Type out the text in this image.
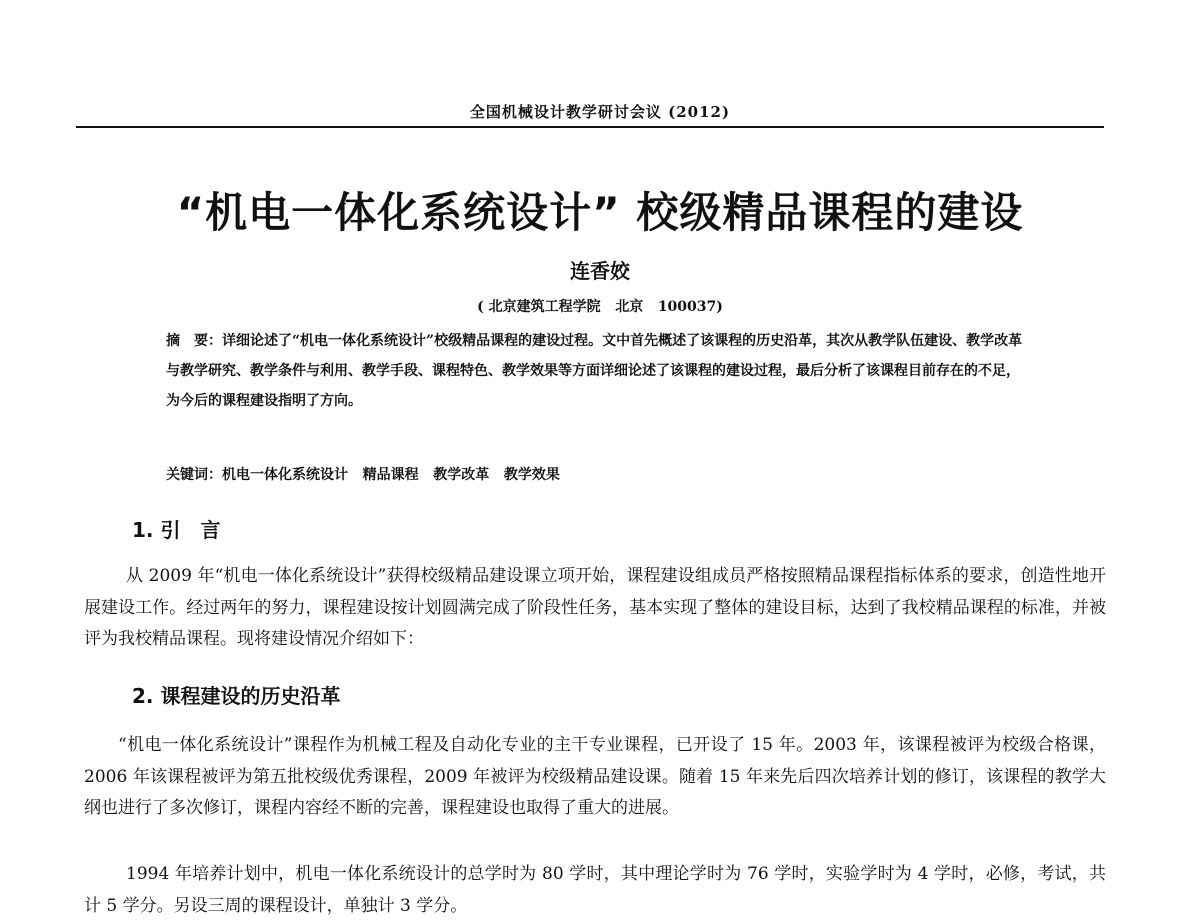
全国机械设计教学研讨会议 (2012)
“机电一体化系统设计” 校级精品课程的建设
连香姣
( 北京建筑工程学院   北京   100037)
摘　要：详细论述了“机电一体化系统设计”校级精品课程的建设过程。文中首先概述了该课程的历史沿革，其次从教学队伍建设、教学改革与教学研究、教学条件与利用、教学手段、课程特色、教学效果等方面详细论述了该课程的建设过程，最后分析了该课程目前存在的不足，为今后的课程建设指明了方向。
关键词：机电一体化系统设计   精品课程   教学改革   教学效果
1. 引　言
从 2009 年“机电一体化系统设计”获得校级精品建设课立项开始，课程建设组成员严格按照精品课程指标体系的要求，创造性地开展建设工作。经过两年的努力，课程建设按计划圆满完成了阶段性任务，基本实现了整体的建设目标，达到了我校精品课程的标准，并被评为我校精品课程。现将建设情况介绍如下：
2. 课程建设的历史沿革
“机电一体化系统设计”课程作为机械工程及自动化专业的主干专业课程，已开设了 15 年。2003 年，该课程被评为校级合格课，2006 年该课程被评为第五批校级优秀课程，2009 年被评为校级精品建设课。随着 15 年来先后四次培养计划的修订，该课程的教学大纲也进行了多次修订，课程内容经不断的完善，课程建设也取得了重大的进展。
1994 年培养计划中，机电一体化系统设计的总学时为 80 学时，其中理论学时为 76 学时，实验学时为 4 学时，必修，考试，共计 5 学分。另设三周的课程设计，单独计 3 学分。
